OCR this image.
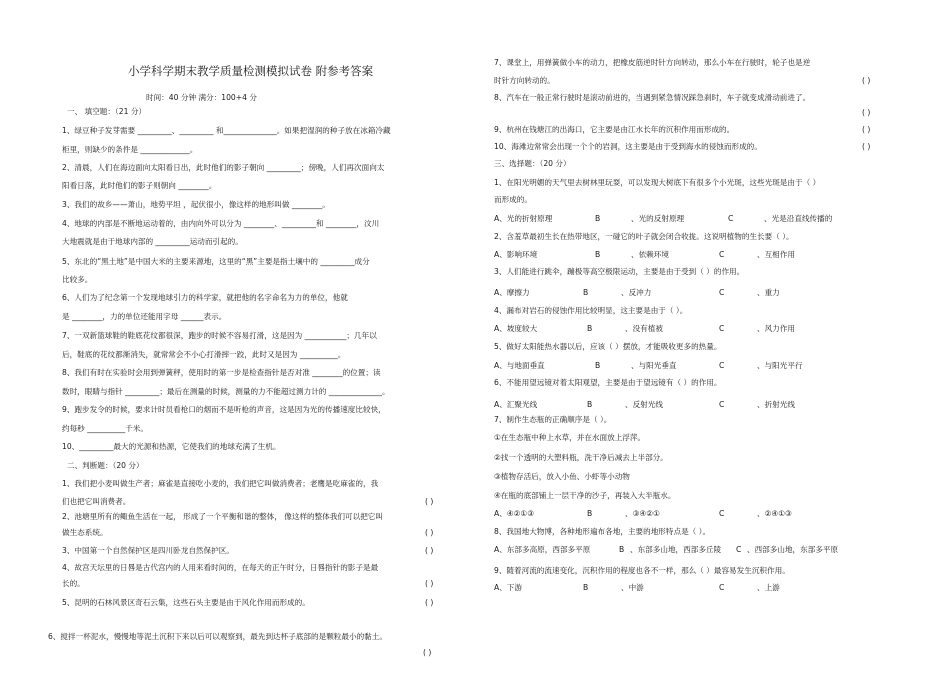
小学科学期末教学质量检测模拟试卷 附参考答案
时间：40 分钟 满分：100+4 分
一、 填空题：（21 分）
1、绿豆种子发芽需要 _________、_________ 和______________。如果把湿润的种子放在冰箱冷藏
柜里，则缺少的条件是 _____________。
2、清晨，人们在海边面向太阳看日出，此时他们的影子朝向 _________；傍晚，人们再次面向太
阳看日落，此时他们的影子则朝向 ________。
3、我们的故乡——萧山，地势平坦 ，起伏很小，像这样的地形叫做 ________。
4、地球的内部是不断地运动着的，由内向外可以分为 ________、_________和 ________，汶川
大地震就是由于地球内部的 _________运动而引起的。
5、东北的“黑土地”是中国大米的主要来源地，这里的“黑”主要是指土壤中的 _________成分
比较多。
6、人们为了纪念第一个发现地球引力的科学家，就把他的名字命名为力的单位，他就
是 ________，力的单位还能用字母 ______表示。
7、一双新篮球鞋的鞋底花纹都很深，跑步的时候不容易打滑，这是因为 ___________；几年以
后，鞋底的花纹都渐消失，就常常会不小心打滑摔一跤，此时又是因为 __________。
8、我们有时在实验时会用到弹簧秤，使用时的第一步是检查指针是否对准 ________的位置；读
数时，眼睛与指针 _________；最后在测量的时候，测量的力不能超过测力计的 ______________。
9、跑步发令的时候，要求计时员看枪口的烟而不是听枪的声音，这是因为光的传播速度比较快，
约每秒 __________千米。
10、_________最大的光源和热源，它使我们的地球充满了生机。
二、判断题：（20 分）
1、我们把小麦叫做生产者；麻雀是直接吃小麦的，我们把它叫做消费者；老鹰是吃麻雀的，我
们也把它叫消费者。
2、池塘里所有的鲰鱼生活在一起， 形成了一个平衡和谐的整体， 像这样的整体我们可以把它叫
做生态系统。
3、中国第一个自然保护区是四川卧龙自然保护区。
4、故宫天坛里的日晷是古代宫内的人用来看时间的，在每天的正午时分，日晷指针的影子是最
长的。
5、昆明的石林风景区奇石云集，这些石头主要是由于风化作用而形成的。
( )
( )
( )
( )
( )
7、课堂上，用弹簧做小车的动力，把橡皮筋逆时针方向转动，那么小车在行驶时，轮子也是逆
时针方向转动的。
8、汽车在一般正常行驶时是滚动前进的，当遇到紧急情况踩急刹时，车子就变成滑动前进了。
9、杭州在钱塘江的出海口，它主要是由江水长年的沉积作用而形成的。
10、海滩边常常会出现一个个的岩洞，这主要是由于受到海水的侵蚀而形成的。
三、选择题：（20 分）
1、在阳光明媚的天气里去树林里玩耍，可以发现大树底下有很多个小光斑，这些光斑是由于（ ）
而形成的。
2、含羞草最初生长在热带地区，一碰它的叶子就会闭合收拢。这说明植物的生长要（ ）。
3、人们能进行跳伞，蹦极等高空极限运动，主要是由于受到（ ）的作用。
4、漏布对岩石的侵蚀作用比较明显，这主要是由于（ ）。
5、做好太阳能热水器以后，应该（ ）摆放，才能吸收更多的热量。
6、不能用望远镜对着太阳观望，主要是由于望远镜有（ ）的作用。
7、制作生态瓶的正确顺序是（ ）。
①在生态瓶中种上水草，并在水面放上浮萍。
②找一个透明的大塑料瓶，洗干净后减去上半部分。
③植物存活后，放入小鱼、小虾等小动物
④在瓶的底部铺上一层干净的沙子，再装入大半瓶水。
8、我国地大物博，各种地形遍布各地，主要的地形特点是（ ）。
9、随着河流的流速变化，沉积作用的程度也各不一样，那么（ ）最容易发生沉积作用。
( )
( )
( )
( )
A、光的折射原理	B	、光的反射原理	C	、光是沿直线传播的
A、影响环境	B	、依赖环境	C	、互相作用
A、摩擦力	B	、反冲力	C	、重力
A、坡度较大	B	、没有植被	C	、风力作用
A、与地面垂直	B	、与阳光垂直	C	、与阳光平行
A、汇聚光线	B	、反射光线	C	、折射光线
A、④②①③	B	、③④②①	C	、②④①③
A、东部多高原，西部多平原	B 、东部多山地，西部多丘陵 C 、西部多山地，东部多平原
A、下游	B	、中游	C	、上游
6、搅拌一杯泥水，慢慢地等泥土沉积下来以后可以观察到，最先到达杯子底部的是颗粒最小的黏土。
( )
